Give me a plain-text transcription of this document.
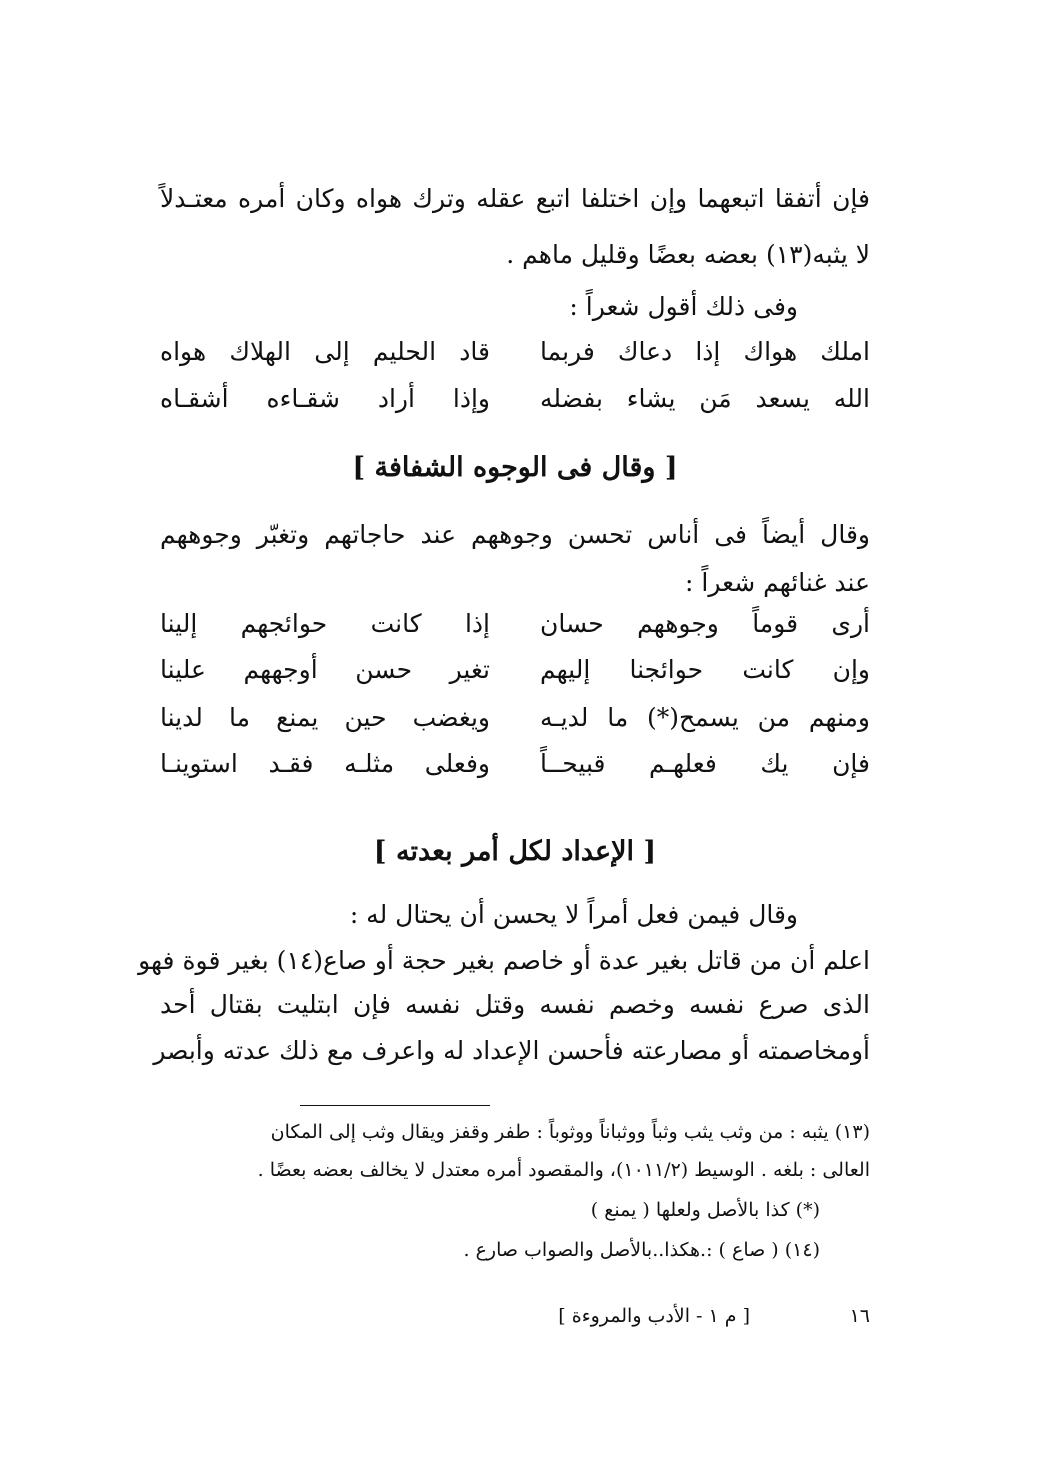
فإن أتفقا اتبعهما وإن اختلفا اتبع عقله وترك هواه وكان أمره معتـدلاً
لا يثبه(١٣) بعضه بعضًا وقليل ماهم .
وفى ذلك أقول شعراً :
املك هواك إذا دعاك فربما
قاد الحليم إلى الهلاك هواه
الله يسعد مَن يشاء بفضله
وإذا أراد شقـاءه أشقـاه
[ وقال فى الوجوه الشفافة ]
وقال أيضاً فى أناس تحسن وجوههم عند حاجاتهم وتغبّر وجوههم
عند غنائهم شعراً :
أرى قوماً وجوههم حسان
إذا كانت حوائجهم إلينا
وإن كانت حوائجنا إليهم
تغير حسن أوجههم علينا
ومنهم من يسمح(*) ما لديـه
ويغضب حين يمنع ما لدينا
فإن يك فعلهـم قبيحــاً
وفعلى مثلـه فقـد استوينـا
[ الإعداد لكل أمر بعدته ]
وقال فيمن فعل أمراً لا يحسن أن يحتال له :
اعلم أن من قاتل بغير عدة أو خاصم بغير حجة أو صاع(١٤) بغير قوة فهو
الذى صرع نفسه وخصم نفسه وقتل نفسه فإن ابتليت بقتال أحد
أومخاصمته أو مصارعته فأحسن الإعداد له واعرف مع ذلك عدته وأبصر
(١٣) يثبه : من وثب يثب وثباً ووثباناً ووثوباً : طفر وقفز ويقال وثب إلى المكان
العالى : بلغه . الوسيط (١٠١١/٢)، والمقصود أمره معتدل لا يخالف بعضه بعضًا .
(*) كذا بالأصل ولعلها ( يمنع )
(١٤) ( صاع ) :.هكذا..بالأصل والصواب صارع .
١٦
[ م ١ - الأدب والمروءة ]
